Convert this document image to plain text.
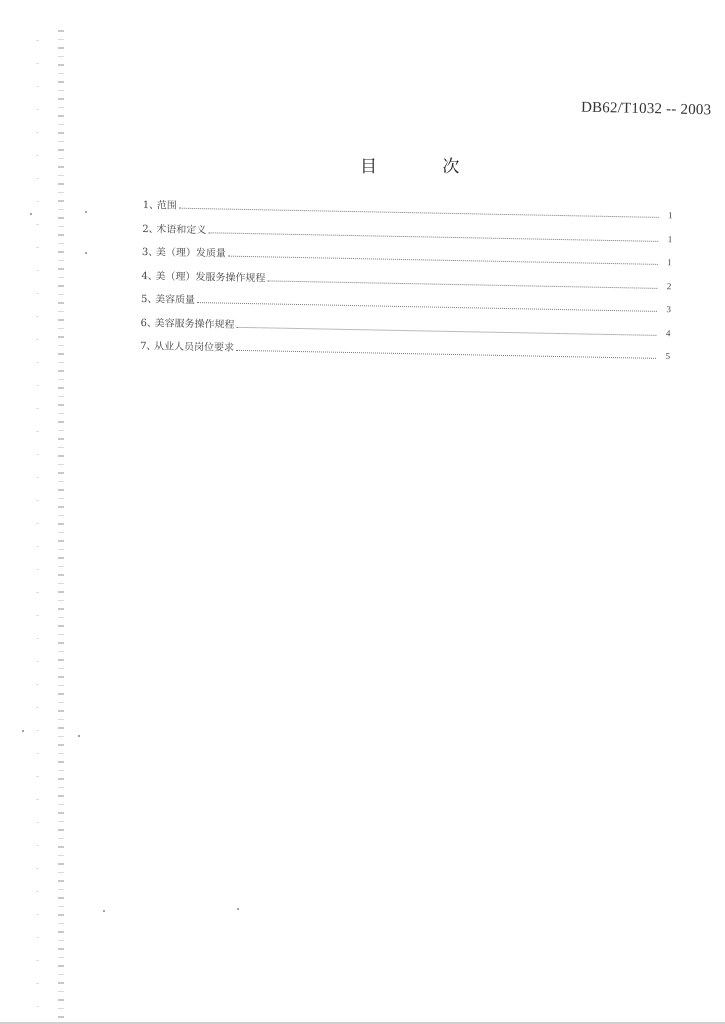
DB62/T1032 -- 2003
目 次
1、
范围
1
2、
术语和定义
1
3、
美（理）发质量
1
4、
美（理）发服务操作规程
2
5、
美容质量
3
6、
美容服务操作规程
4
7、
从业人员岗位要求
5
